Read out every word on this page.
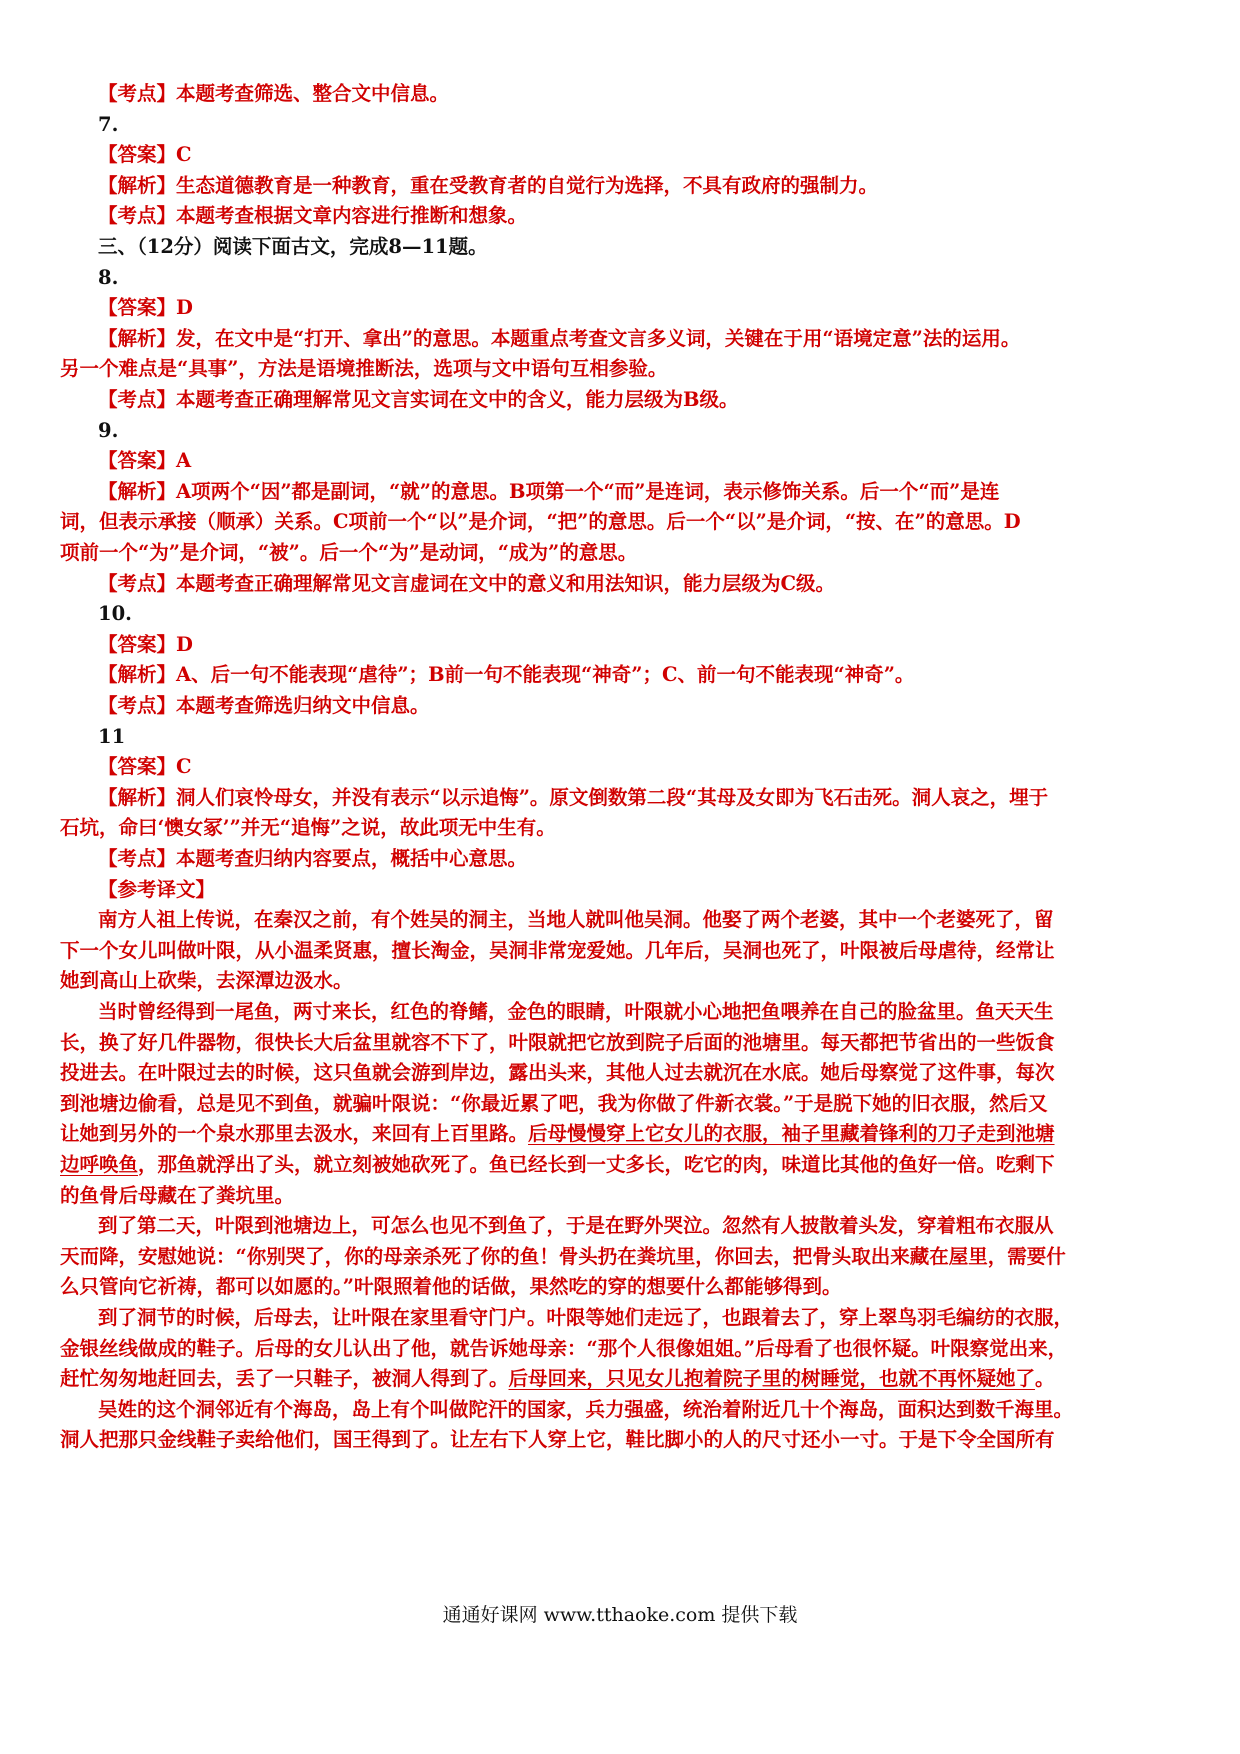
【考点】本题考查筛选、整合文中信息。
7.
【答案】C
【解析】生态道德教育是一种教育，重在受教育者的自觉行为选择，不具有政府的强制力。
【考点】本题考查根据文章内容进行推断和想象。
三、（12分）阅读下面古文，完成8—11题。
8.
【答案】D
【解析】发，在文中是“打开、拿出”的意思。本题重点考查文言多义词，关键在于用“语境定意”法的运用。
另一个难点是“具事”，方法是语境推断法，选项与文中语句互相参验。
【考点】本题考查正确理解常见文言实词在文中的含义，能力层级为B级。
9.
【答案】A
【解析】A项两个“因”都是副词，“就”的意思。B项第一个“而”是连词，表示修饰关系。后一个“而”是连
词，但表示承接（顺承）关系。C项前一个“以”是介词，“把”的意思。后一个“以”是介词，“按、在”的意思。D
项前一个“为”是介词，“被”。后一个“为”是动词，“成为”的意思。
【考点】本题考查正确理解常见文言虚词在文中的意义和用法知识，能力层级为C级。
10.
【答案】D
【解析】A、后一句不能表现“虐待”；B前一句不能表现“神奇”；C、前一句不能表现“神奇”。
【考点】本题考查筛选归纳文中信息。
11
【答案】C
【解析】洞人们哀怜母女，并没有表示“以示追悔”。原文倒数第二段“其母及女即为飞石击死。洞人哀之，埋于
石坑，命曰‘懊女冢’”并无“追悔”之说，故此项无中生有。
【考点】本题考查归纳内容要点，概括中心意思。
【参考译文】
南方人祖上传说，在秦汉之前，有个姓吴的洞主，当地人就叫他吴洞。他娶了两个老婆，其中一个老婆死了，留
下一个女儿叫做叶限，从小温柔贤惠，擅长淘金，吴洞非常宠爱她。几年后，吴洞也死了，叶限被后母虐待，经常让
她到高山上砍柴，去深潭边汲水。
当时曾经得到一尾鱼，两寸来长，红色的脊鳍，金色的眼睛，叶限就小心地把鱼喂养在自己的脸盆里。鱼天天生
长，换了好几件器物，很快长大后盆里就容不下了，叶限就把它放到院子后面的池塘里。每天都把节省出的一些饭食
投进去。在叶限过去的时候，这只鱼就会游到岸边，露出头来，其他人过去就沉在水底。她后母察觉了这件事，每次
到池塘边偷看，总是见不到鱼，就骗叶限说：“你最近累了吧，我为你做了件新衣裳。”于是脱下她的旧衣服，然后又
让她到另外的一个泉水那里去汲水，来回有上百里路。后母慢慢穿上它女儿的衣服，袖子里藏着锋利的刀子走到池塘
边呼唤鱼，那鱼就浮出了头，就立刻被她砍死了。鱼已经长到一丈多长，吃它的肉，味道比其他的鱼好一倍。吃剩下
的鱼骨后母藏在了粪坑里。
到了第二天，叶限到池塘边上，可怎么也见不到鱼了，于是在野外哭泣。忽然有人披散着头发，穿着粗布衣服从
天而降，安慰她说：“你别哭了，你的母亲杀死了你的鱼！骨头扔在粪坑里，你回去，把骨头取出来藏在屋里，需要什
么只管向它祈祷，都可以如愿的。”叶限照着他的话做，果然吃的穿的想要什么都能够得到。
到了洞节的时候，后母去，让叶限在家里看守门户。叶限等她们走远了，也跟着去了，穿上翠鸟羽毛编纺的衣服，
金银丝线做成的鞋子。后母的女儿认出了他，就告诉她母亲：“那个人很像姐姐。”后母看了也很怀疑。叶限察觉出来，
赶忙匆匆地赶回去，丢了一只鞋子，被洞人得到了。后母回来，只见女儿抱着院子里的树睡觉，也就不再怀疑她了。
吴姓的这个洞邻近有个海岛，岛上有个叫做陀汗的国家，兵力强盛，统治着附近几十个海岛，面积达到数千海里。
洞人把那只金线鞋子卖给他们，国王得到了。让左右下人穿上它，鞋比脚小的人的尺寸还小一寸。于是下令全国所有
通通好课网 www.tthaoke.com 提供下载
